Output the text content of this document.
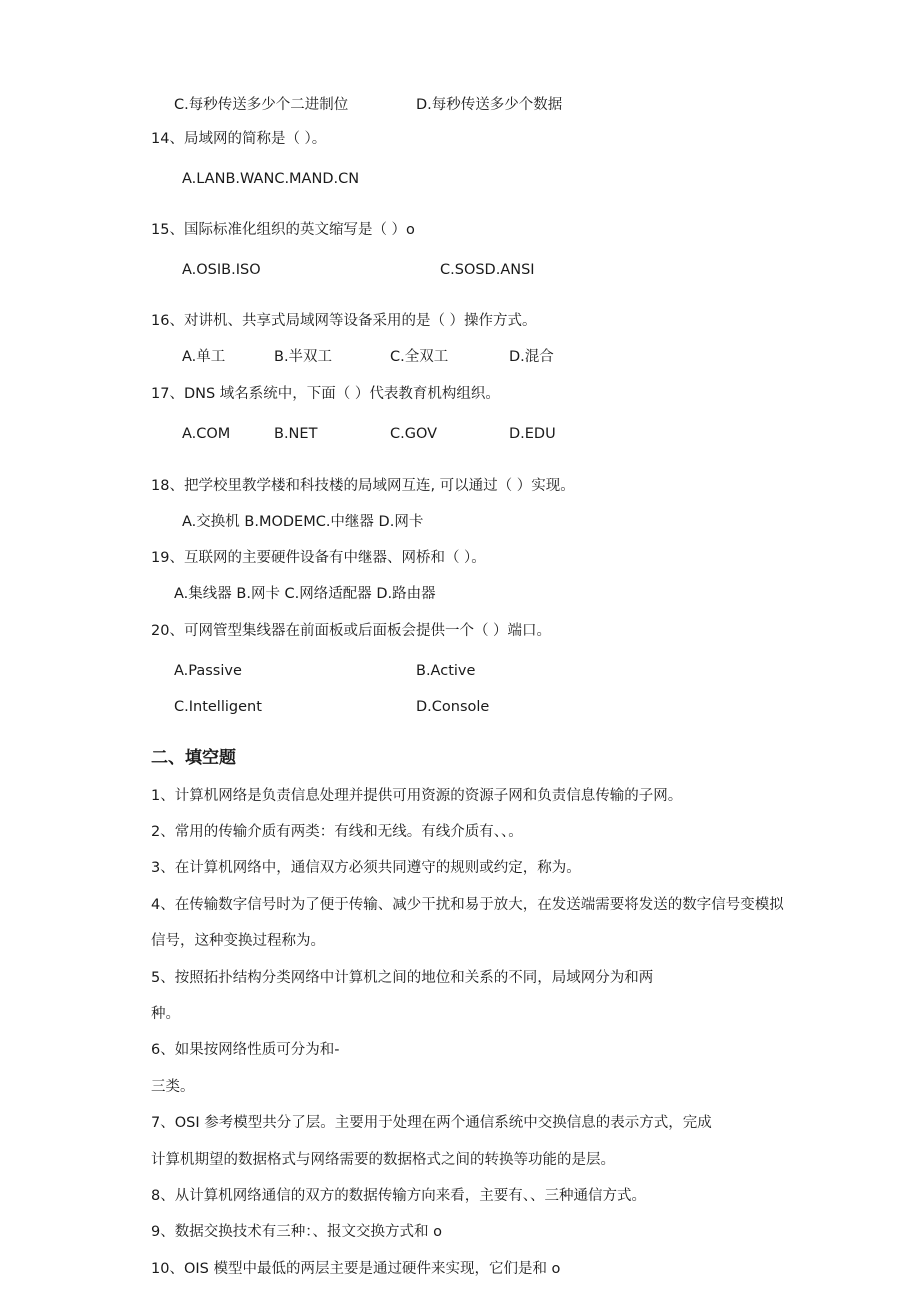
C.每秒传送多少个二进制位	D.每秒传送多少个数据
14、局域网的简称是（ ）。
A.LANB.WANC.MAND.CN
15、国际标准化组织的英文缩写是（ ）o
A.OSIB.ISO	C.SOSD.ANSI
16、对讲机、共享式局域网等设备采用的是（ ）操作方式。
A.单工	B.半双工	C.全双工	D.混合
17、DNS 域名系统中，下面（ ）代表教育机构组织。
A.COM	B.NET	C.GOV	D.EDU
18、把学校里教学楼和科技楼的局域网互连, 可以通过（ ）实现。
A.交换机 B.MODEMC.中继器 D.网卡
19、互联网的主要硬件设备有中继器、网桥和（ ）。
A.集线器 B.网卡 C.网络适配器 D.路由器
20、可网管型集线器在前面板或后面板会提供一个（ ）端口。
A.Passive	B.Active
C.Intelligent	D.Console
二、填空题
1、计算机网络是负责信息处理并提供可用资源的资源子网和负责信息传输的子网。
2、常用的传输介质有两类：有线和无线。有线介质有、、。
3、在计算机网络中，通信双方必须共同遵守的规则或约定，称为。
4、在传输数字信号时为了便于传输、减少干扰和易于放大，在发送端需要将发送的数字信号变模拟
信号，这种变换过程称为。
5、按照拓扑结构分类网络中计算机之间的地位和关系的不同，局域网分为和两
种。
6、如果按网络性质可分为和-
三类。
7、OSI 参考模型共分了层。主要用于处理在两个通信系统中交换信息的表示方式，完成
计算机期望的数据格式与网络需要的数据格式之间的转换等功能的是层。
8、从计算机网络通信的双方的数据传输方向来看，主要有、、三种通信方式。
9、数据交换技术有三种：、报文交换方式和 o
10、OIS 模型中最低的两层主要是通过硬件来实现，它们是和 o
